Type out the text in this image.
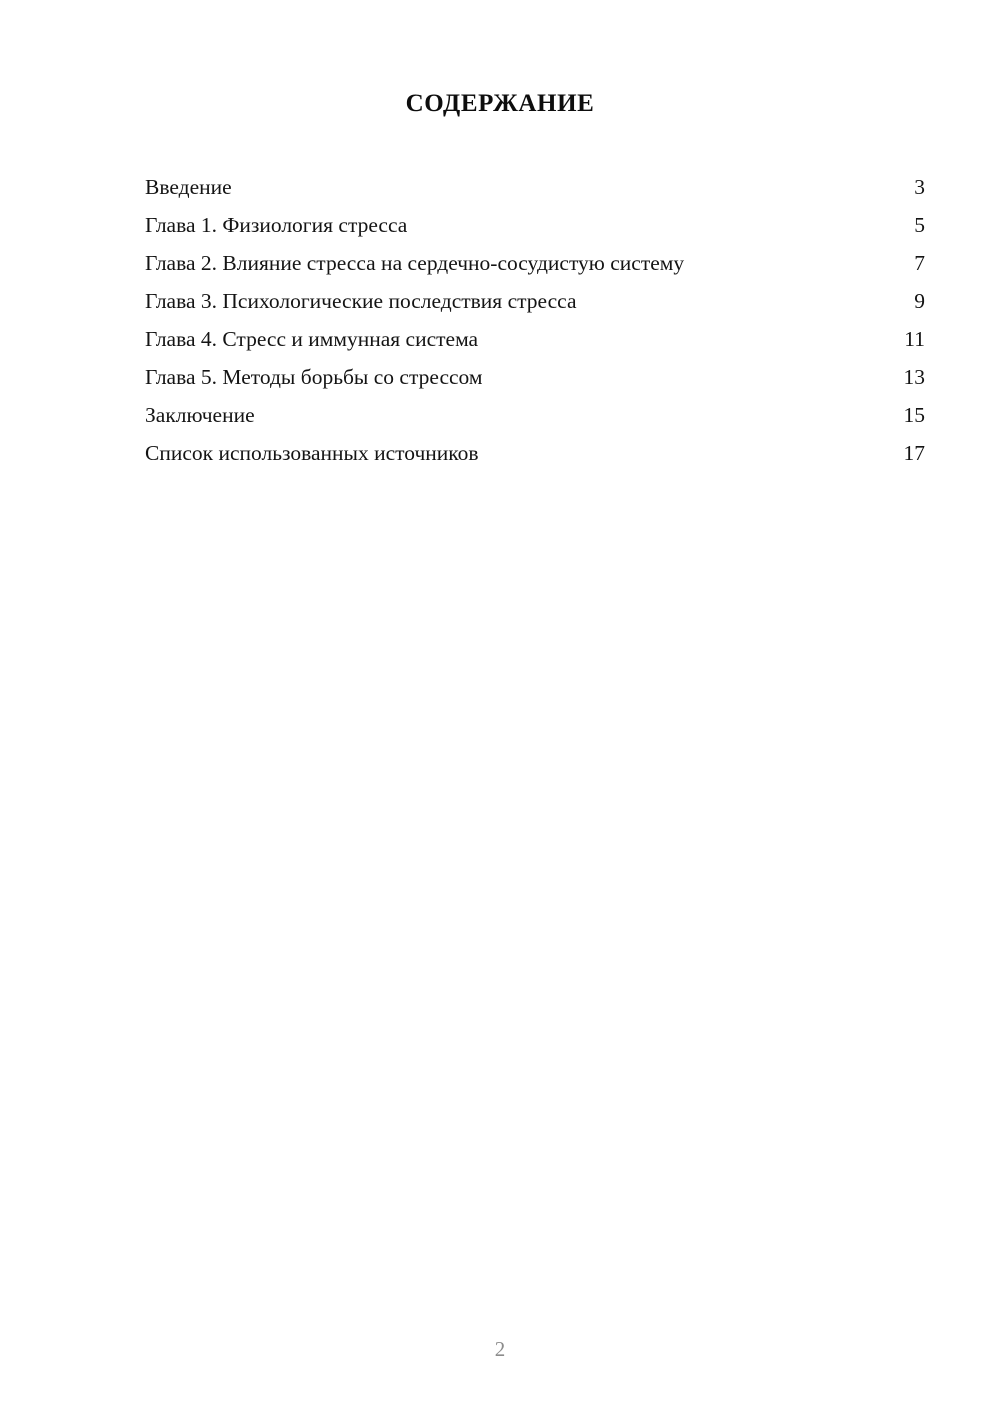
СОДЕРЖАНИЕ
Введение	3
Глава 1. Физиология стресса	5
Глава 2. Влияние стресса на сердечно-сосудистую систему	7
Глава 3. Психологические последствия стресса	9
Глава 4. Стресс и иммунная система	11
Глава 5. Методы борьбы со стрессом	13
Заключение	15
Список использованных источников	17
2
